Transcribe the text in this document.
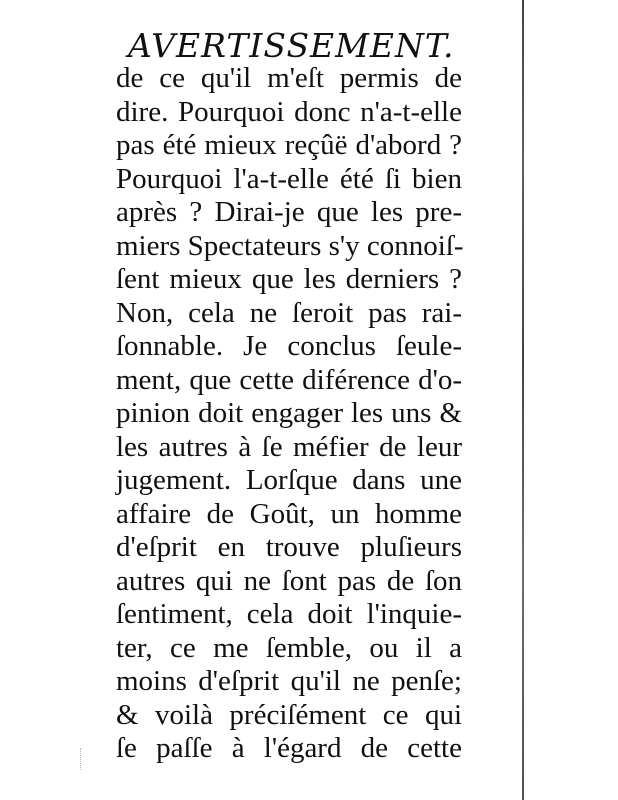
AVERTISSEMENT.
de ce qu'il m'eſt permis de
dire. Pourquoi donc n'a-t-elle
pas été mieux reçûë d'abord ?
Pourquoi l'a-t-elle été ſi bien
après ? Dirai-je que les pre-
miers Spectateurs s'y connoiſ-
ſent mieux que les derniers ?
Non, cela ne ſeroit pas rai-
ſonnable. Je conclus ſeule-
ment, que cette diférence d'o-
pinion doit engager les uns &
les autres à ſe méfier de leur
jugement. Lorſque dans une
affaire de Goût, un homme
d'eſprit en trouve pluſieurs
autres qui ne ſont pas de ſon
ſentiment, cela doit l'inquie-
ter, ce me ſemble, ou il a
moins d'eſprit qu'il ne penſe;
& voilà préciſément ce qui
ſe paſſe à l'égard de cette
